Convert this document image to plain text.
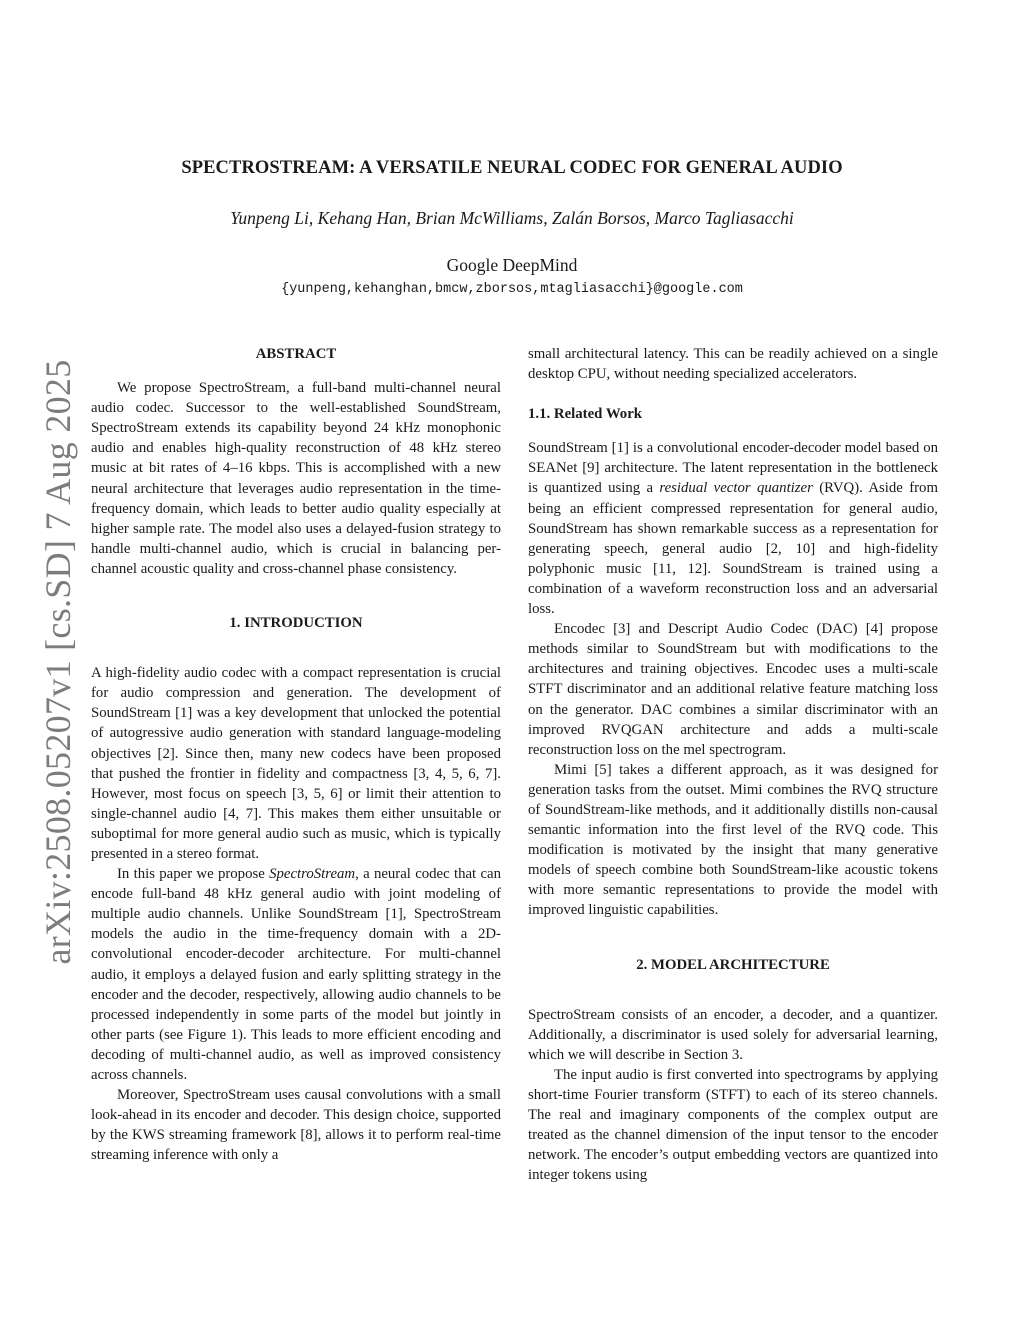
arXiv:2508.05207v1 [cs.SD] 7 Aug 2025
SPECTROSTREAM: A VERSATILE NEURAL CODEC FOR GENERAL AUDIO
Yunpeng Li, Kehang Han, Brian McWilliams, Zalán Borsos, Marco Tagliasacchi
Google DeepMind
{yunpeng,kehanghan,bmcw,zborsos,mtagliasacchi}@google.com
ABSTRACT

We propose SpectroStream, a full-band multi-channel neural audio codec. Successor to the well-established SoundStream, SpectroStream extends its capability beyond 24 kHz monophonic audio and enables high-quality reconstruction of 48 kHz stereo music at bit rates of 4–16 kbps. This is accomplished with a new neural architecture that leverages audio representation in the time-frequency domain, which leads to better audio quality especially at higher sample rate. The model also uses a delayed-fusion strategy to handle multi-channel audio, which is crucial in balancing per-channel acoustic quality and cross-channel phase consistency.

1. INTRODUCTION

A high-fidelity audio codec with a compact representation is crucial for audio compression and generation. The development of SoundStream [1] was a key development that unlocked the potential of autogressive audio generation with standard language-modeling objectives [2]. Since then, many new codecs have been proposed that pushed the frontier in fidelity and compactness [3, 4, 5, 6, 7]. However, most focus on speech [3, 5, 6] or limit their attention to single-channel audio [4, 7]. This makes them either unsuitable or suboptimal for more general audio such as music, which is typically presented in a stereo format.

In this paper we propose SpectroStream, a neural codec that can encode full-band 48 kHz general audio with joint modeling of multiple audio channels. Unlike SoundStream [1], SpectroStream models the audio in the time-frequency domain with a 2D-convolutional encoder-decoder architecture. For multi-channel audio, it employs a delayed fusion and early splitting strategy in the encoder and the decoder, respectively, allowing audio channels to be processed independently in some parts of the model but jointly in other parts (see Figure 1). This leads to more efficient encoding and decoding of multi-channel audio, as well as improved consistency across channels.

Moreover, SpectroStream uses causal convolutions with a small look-ahead in its encoder and decoder. This design choice, supported by the KWS streaming framework [8], allows it to perform real-time streaming inference with only a

small architectural latency. This can be readily achieved on a single desktop CPU, without needing specialized accelerators.

1.1. Related Work

SoundStream [1] is a convolutional encoder-decoder model based on SEANet [9] architecture. The latent representation in the bottleneck is quantized using a residual vector quantizer (RVQ). Aside from being an efficient compressed representation for general audio, SoundStream has shown remarkable success as a representation for generating speech, general audio [2, 10] and high-fidelity polyphonic music [11, 12]. SoundStream is trained using a combination of a waveform reconstruction loss and an adversarial loss.

Encodec [3] and Descript Audio Codec (DAC) [4] propose methods similar to SoundStream but with modifications to the architectures and training objectives. Encodec uses a multi-scale STFT discriminator and an additional relative feature matching loss on the generator. DAC combines a similar discriminator with an improved RVQGAN architecture and adds a multi-scale reconstruction loss on the mel spectrogram.

Mimi [5] takes a different approach, as it was designed for generation tasks from the outset. Mimi combines the RVQ structure of SoundStream-like methods, and it additionally distills non-causal semantic information into the first level of the RVQ code. This modification is motivated by the insight that many generative models of speech combine both SoundStream-like acoustic tokens with more semantic representations to provide the model with improved linguistic capabilities.

2. MODEL ARCHITECTURE

SpectroStream consists of an encoder, a decoder, and a quantizer. Additionally, a discriminator is used solely for adversarial learning, which we will describe in Section 3.

The input audio is first converted into spectrograms by applying short-time Fourier transform (STFT) to each of its stereo channels. The real and imaginary components of the complex output are treated as the channel dimension of the input tensor to the encoder network. The encoder’s output embedding vectors are quantized into integer tokens using
